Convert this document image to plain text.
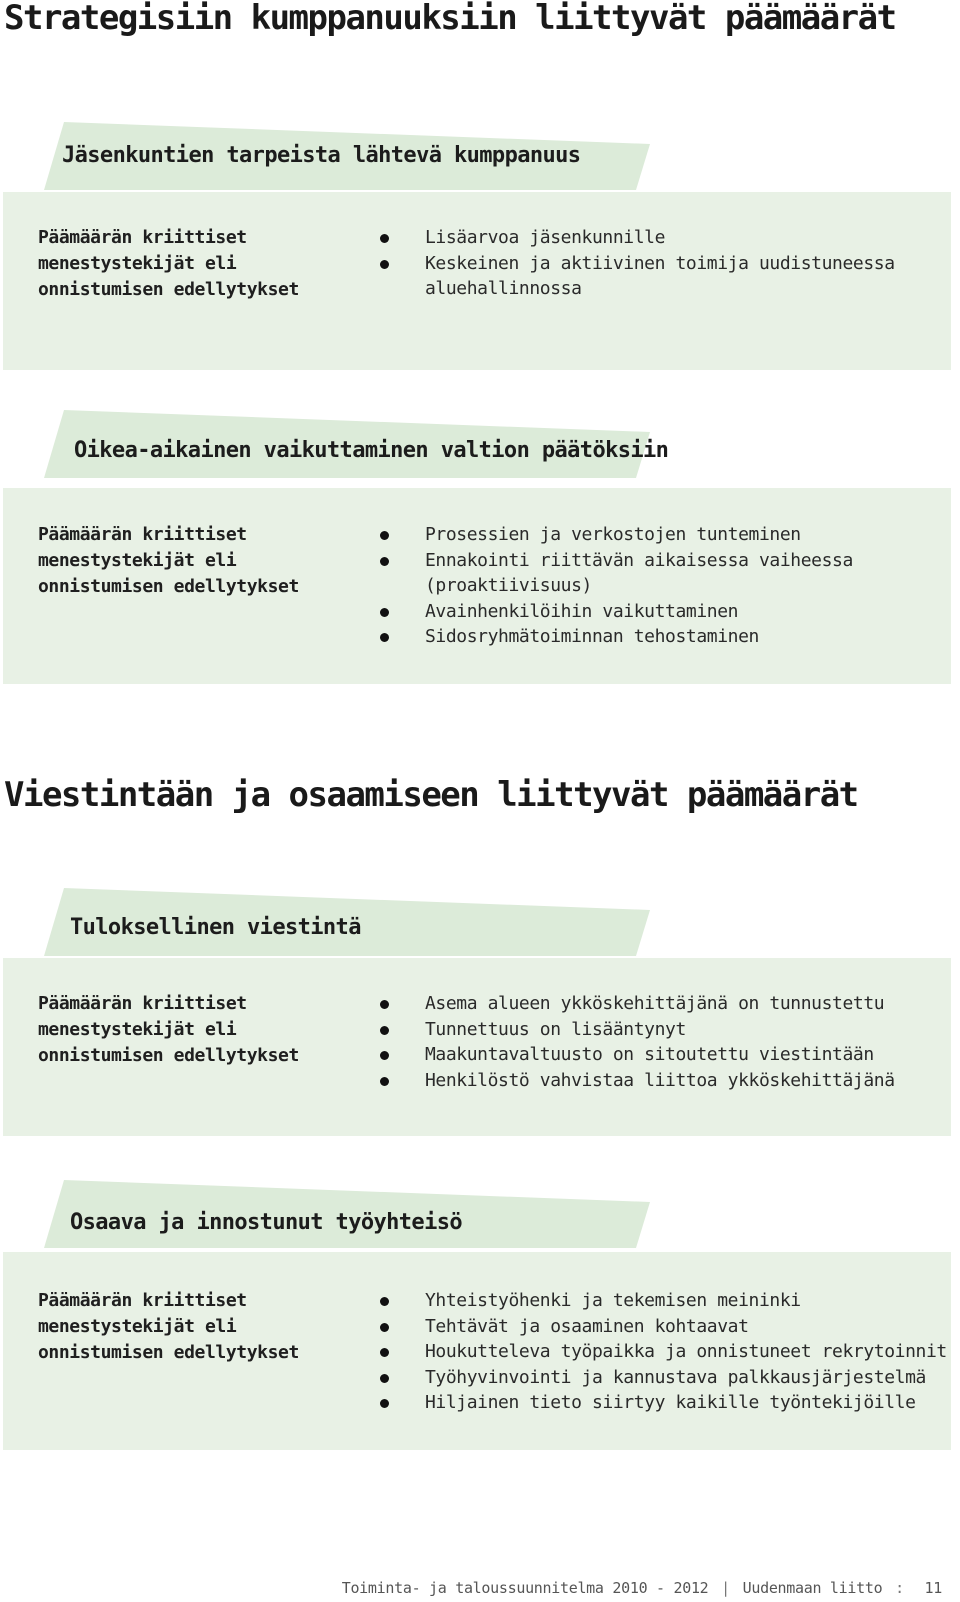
Strategisiin kumppanuuksiin liittyvät päämäärät
Jäsenkuntien tarpeista lähtevä kumppanuus
Päämäärän kriittiset
menestystekijät eli
onnistumisen edellytykset
Lisäarvoa jäsenkunnille
Keskeinen ja aktiivinen toimija uudistuneessa
aluehallinnossa
Oikea-aikainen vaikuttaminen valtion päätöksiin
Päämäärän kriittiset
menestystekijät eli
onnistumisen edellytykset
Prosessien ja verkostojen tunteminen
Ennakointi riittävän aikaisessa vaiheessa (proaktiivisuus)
Avainhenkilöihin vaikuttaminen
Sidosryhmätoiminnan tehostaminen
Viestintään ja osaamiseen liittyvät päämäärät
Tuloksellinen viestintä
Päämäärän kriittiset
menestystekijät eli
onnistumisen edellytykset
Asema alueen ykköskehittäjänä on tunnustettu
Tunnettuus on lisääntynyt
Maakuntavaltuusto on sitoutettu viestintään
Henkilöstö vahvistaa liittoa ykköskehittäjänä
Osaava ja innostunut työyhteisö
Päämäärän kriittiset
menestystekijät eli
onnistumisen edellytykset
Yhteistyöhenki ja tekemisen meininki
Tehtävät ja osaaminen kohtaavat
Houkutteleva työpaikka ja onnistuneet rekrytoinnit
Työhyvinvointi ja kannustava palkkausjärjestelmä
Hiljainen tieto siirtyy kaikille työntekijöille
Toiminta- ja taloussuunnitelma 2010 - 2012 | Uudenmaan liitto : 11
